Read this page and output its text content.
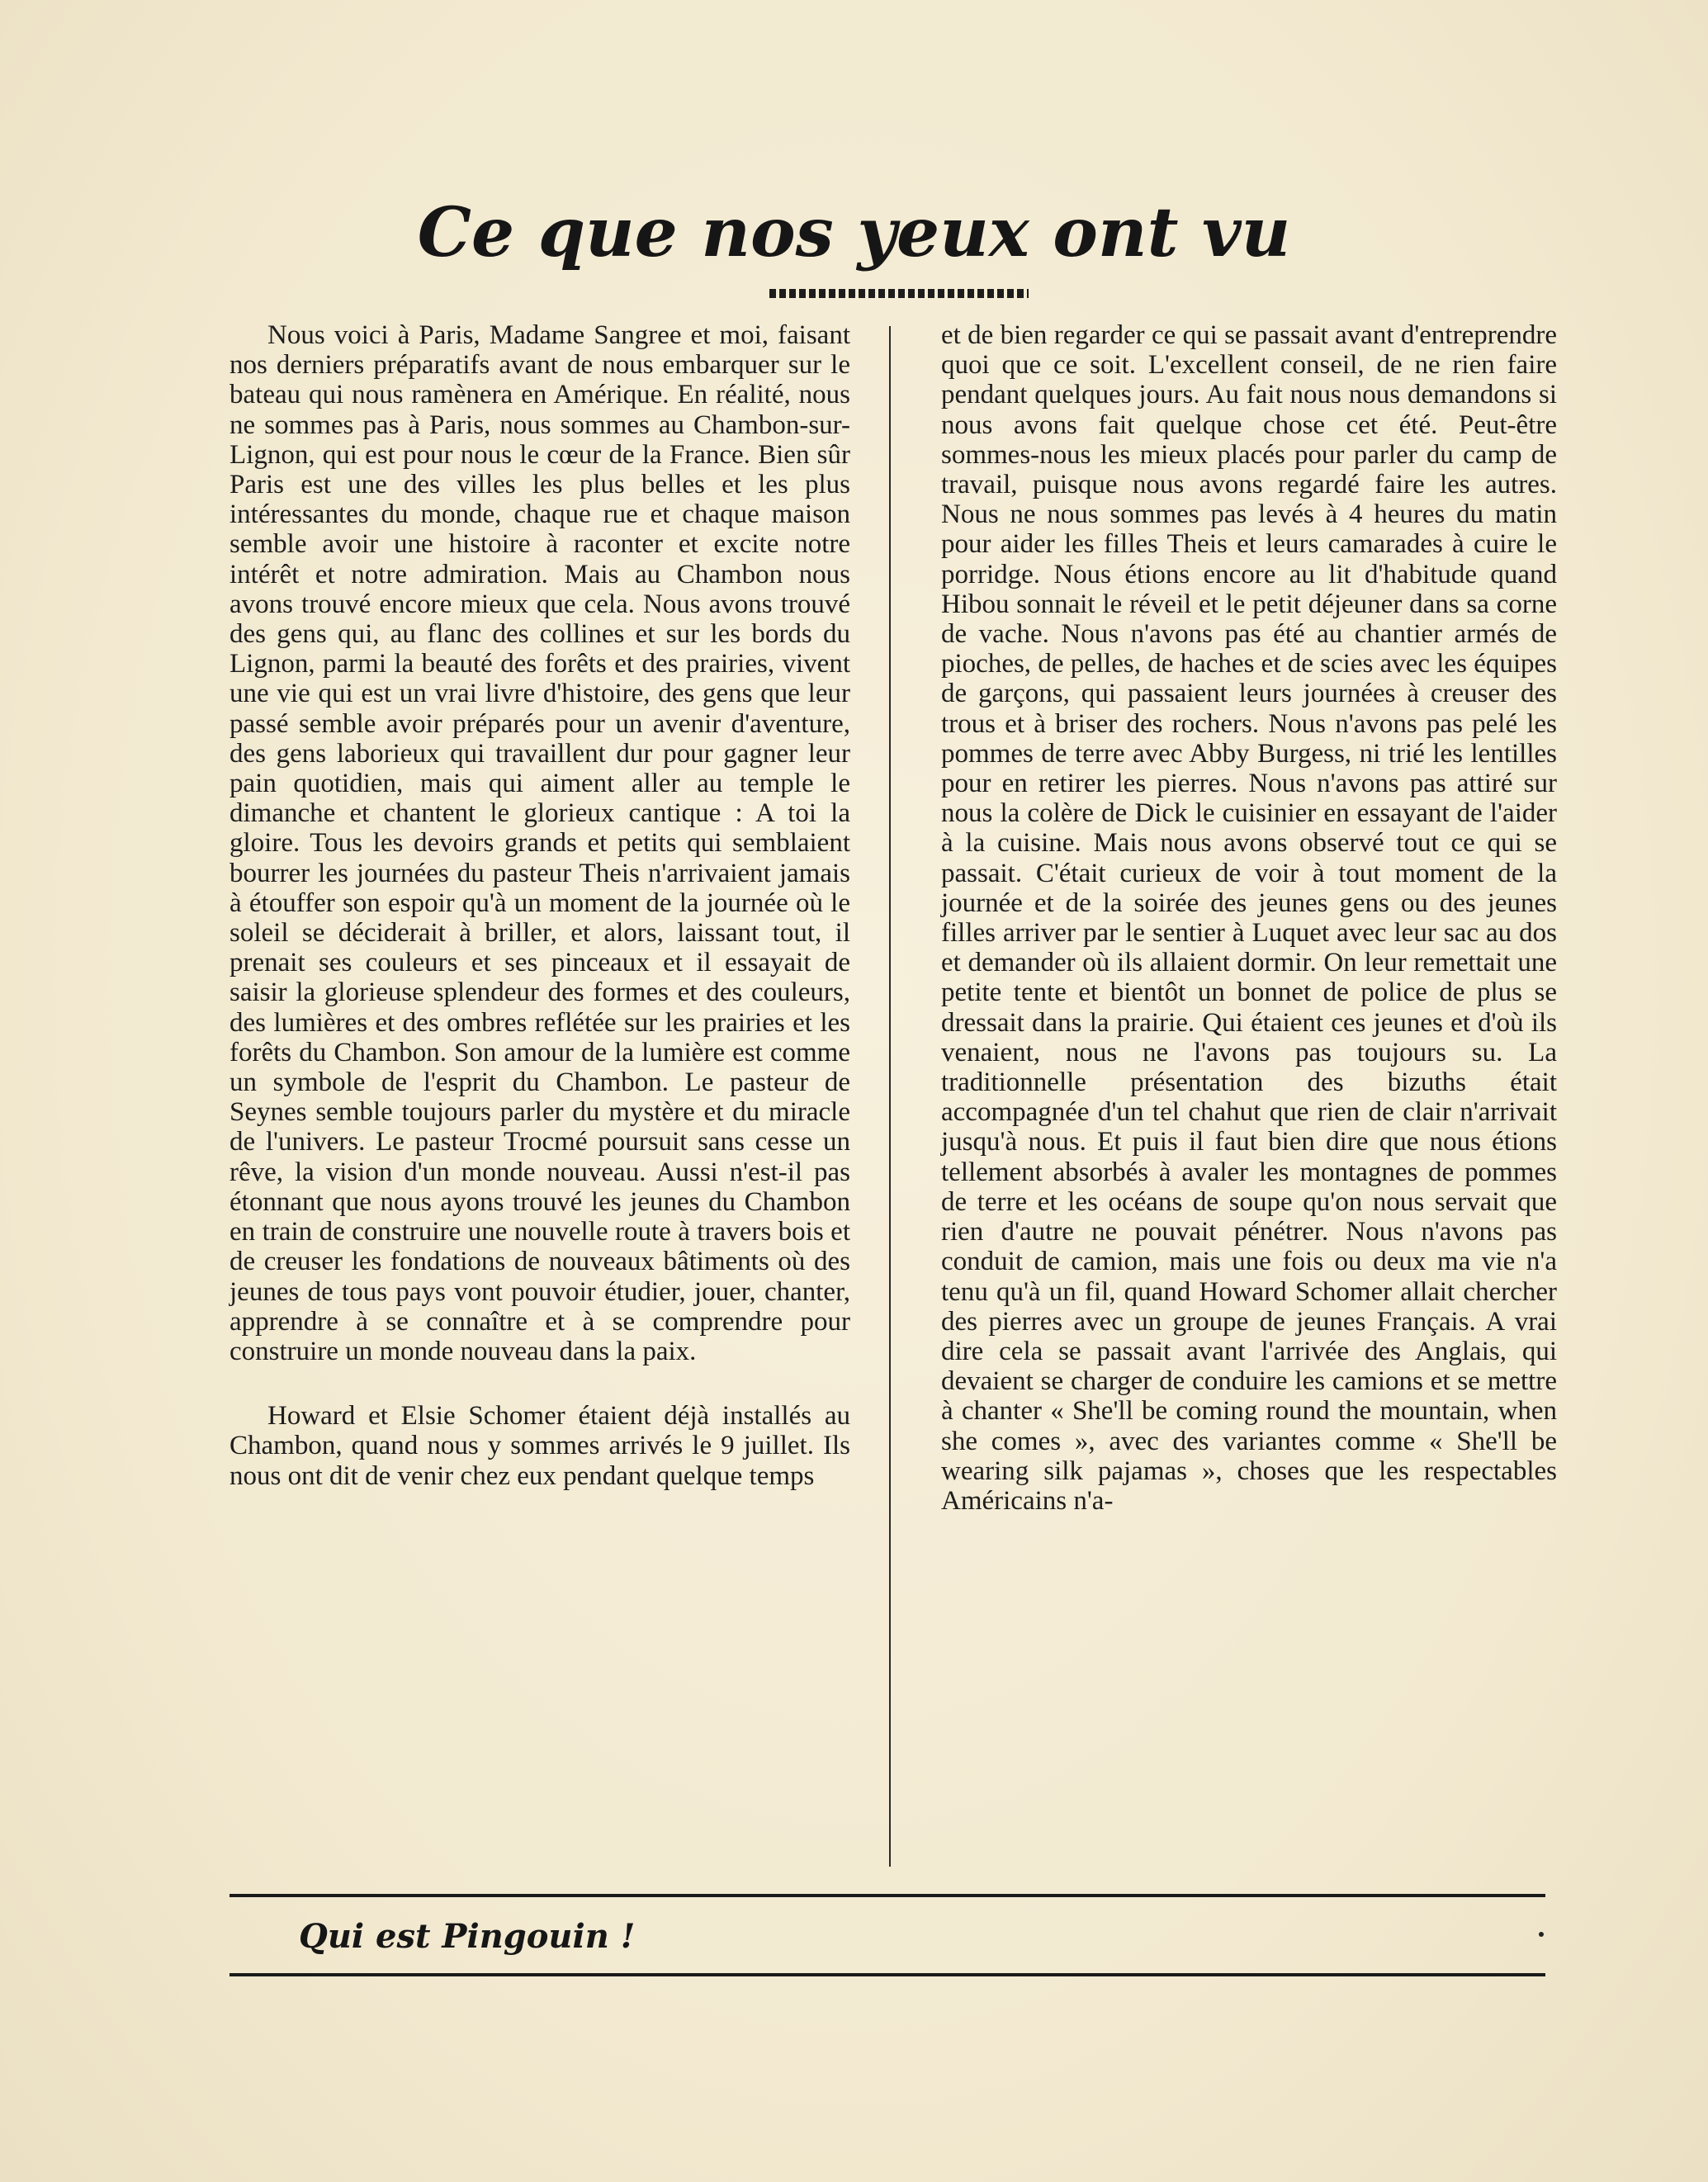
Ce que nos yeux ont vu

Nous voici à Paris, Madame Sangree et moi, faisant nos derniers préparatifs avant de nous embarquer sur le bateau qui nous ramènera en Amérique. En réalité, nous ne sommes pas à Paris, nous sommes au Chambon-sur-Lignon, qui est pour nous le cœur de la France. Bien sûr Paris est une des villes les plus belles et les plus intéressantes du monde, chaque rue et chaque maison semble avoir une histoire à raconter et excite notre intérêt et notre admiration. Mais au Chambon nous avons trouvé encore mieux que cela. Nous avons trouvé des gens qui, au flanc des collines et sur les bords du Lignon, parmi la beauté des forêts et des prairies, vivent une vie qui est un vrai livre d'histoire, des gens que leur passé semble avoir préparés pour un avenir d'aventure, des gens laborieux qui travaillent dur pour gagner leur pain quotidien, mais qui aiment aller au temple le dimanche et chantent le glorieux cantique : A toi la gloire. Tous les devoirs grands et petits qui semblaient bourrer les journées du pasteur Theis n'arrivaient jamais à étouffer son espoir qu'à un moment de la journée où le soleil se déciderait à briller, et alors, laissant tout, il prenait ses couleurs et ses pinceaux et il essayait de saisir la glorieuse splendeur des formes et des couleurs, des lumières et des ombres reflétée sur les prairies et les forêts du Chambon. Son amour de la lumière est comme un symbole de l'esprit du Chambon. Le pasteur de Seynes semble toujours parler du mystère et du miracle de l'univers. Le pasteur Trocmé poursuit sans cesse un rêve, la vision d'un monde nouveau. Aussi n'est-il pas étonnant que nous ayons trouvé les jeunes du Chambon en train de construire une nouvelle route à travers bois et de creuser les fondations de nouveaux bâtiments où des jeunes de tous pays vont pouvoir étudier, jouer, chanter, apprendre à se connaître et à se comprendre pour construire un monde nouveau dans la paix.

Howard et Elsie Schomer étaient déjà installés au Chambon, quand nous y sommes arrivés le 9 juillet. Ils nous ont dit de venir chez eux pendant quelque temps

et de bien regarder ce qui se passait avant d'entreprendre quoi que ce soit. L'excellent conseil, de ne rien faire pendant quelques jours. Au fait nous nous demandons si nous avons fait quelque chose cet été. Peut-être sommes-nous les mieux placés pour parler du camp de travail, puisque nous avons regardé faire les autres. Nous ne nous sommes pas levés à 4 heures du matin pour aider les filles Theis et leurs camarades à cuire le porridge. Nous étions encore au lit d'habitude quand Hibou sonnait le réveil et le petit déjeuner dans sa corne de vache. Nous n'avons pas été au chantier armés de pioches, de pelles, de haches et de scies avec les équipes de garçons, qui passaient leurs journées à creuser des trous et à briser des rochers. Nous n'avons pas pelé les pommes de terre avec Abby Burgess, ni trié les lentilles pour en retirer les pierres. Nous n'avons pas attiré sur nous la colère de Dick le cuisinier en essayant de l'aider à la cuisine. Mais nous avons observé tout ce qui se passait. C'était curieux de voir à tout moment de la journée et de la soirée des jeunes gens ou des jeunes filles arriver par le sentier à Luquet avec leur sac au dos et demander où ils allaient dormir. On leur remettait une petite tente et bientôt un bonnet de police de plus se dressait dans la prairie. Qui étaient ces jeunes et d'où ils venaient, nous ne l'avons pas toujours su. La traditionnelle présentation des bizuths était accompagnée d'un tel chahut que rien de clair n'arrivait jusqu'à nous. Et puis il faut bien dire que nous étions tellement absorbés à avaler les montagnes de pommes de terre et les océans de soupe qu'on nous servait que rien d'autre ne pouvait pénétrer. Nous n'avons pas conduit de camion, mais une fois ou deux ma vie n'a tenu qu'à un fil, quand Howard Schomer allait chercher des pierres avec un groupe de jeunes Français. A vrai dire cela se passait avant l'arrivée des Anglais, qui devaient se charger de conduire les camions et se mettre à chanter « She'll be coming round the mountain, when she comes », avec des variantes comme « She'll be wearing silk pajamas », choses que les respectables Américains n'a-

Qui est Pingouin !
